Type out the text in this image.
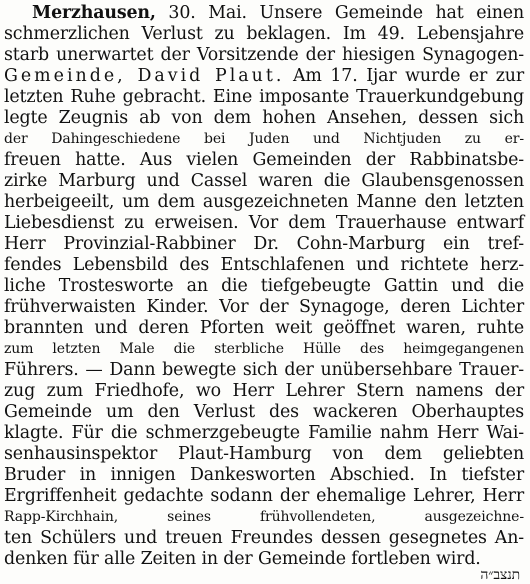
Merzhausen, 30. Mai. Unsere Gemeinde hat einen
schmerzlichen Verlust zu beklagen. Im 49. Lebensjahre
starb unerwartet der Vorsitzende der hiesigen Synagogen-
Gemeinde, David Plaut. Am 17. Ijar wurde er zur
letzten Ruhe gebracht. Eine imposante Trauerkundgebung
legte Zeugnis ab von dem hohen Ansehen, dessen sich
der Dahingeschiedene bei Juden und Nichtjuden zu er-
freuen hatte. Aus vielen Gemeinden der Rabbinatsbe-
zirke Marburg und Cassel waren die Glaubensgenossen
herbeigeeilt, um dem ausgezeichneten Manne den letzten
Liebesdienst zu erweisen. Vor dem Trauerhause entwarf
Herr Provinzial-Rabbiner Dr. Cohn-Marburg ein tref-
fendes Lebensbild des Entschlafenen und richtete herz-
liche Trostesworte an die tiefgebeugte Gattin und die
frühverwaisten Kinder. Vor der Synagoge, deren Lichter
brannten und deren Pforten weit geöffnet waren, ruhte
zum letzten Male die sterbliche Hülle des heimgegangenen
Führers. — Dann bewegte sich der unübersehbare Trauer-
zug zum Friedhofe, wo Herr Lehrer Stern namens der
Gemeinde um den Verlust des wackeren Oberhauptes
klagte. Für die schmerzgebeugte Familie nahm Herr Wai-
senhausinspektor Plaut-Hamburg von dem geliebten
Bruder in innigen Dankesworten Abschied. In tiefster
Ergriffenheit gedachte sodann der ehemalige Lehrer, Herr
Rapp-Kirchhain, seines frühvollendeten, ausgezeichne-
ten Schülers und treuen Freundes dessen gesegnetes An-
denken für alle Zeiten in der Gemeinde fortleben wird.
תנצב״ה
